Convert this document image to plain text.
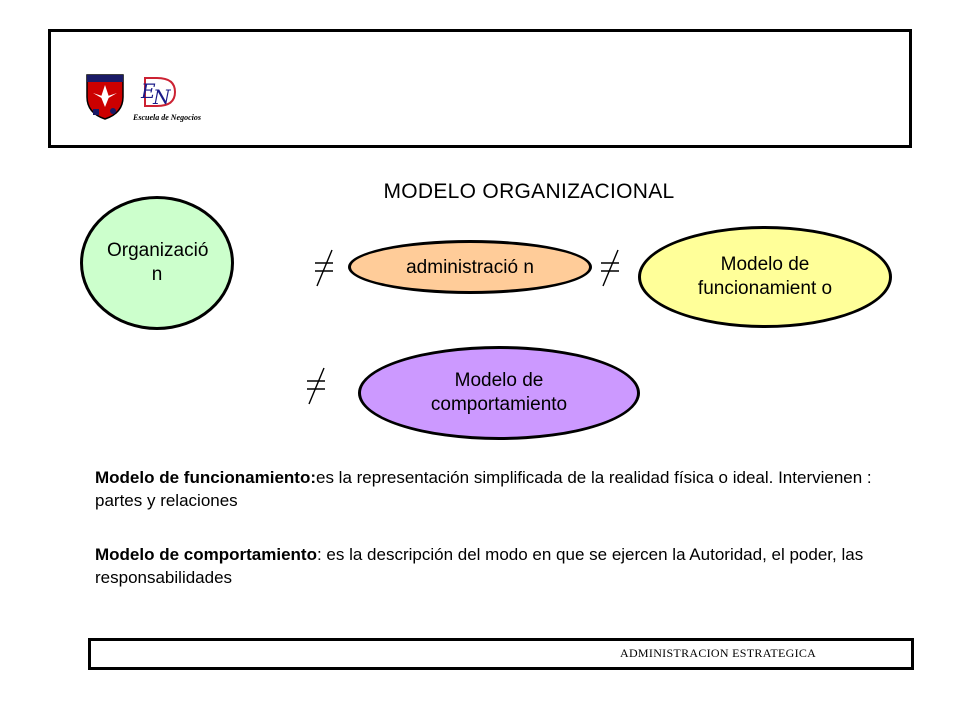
E
N
Escuela de Negocios
MODELO ORGANIZACIONAL
Organizació n	administració n	Modelo de funcionamient o
Modelo de comportamiento

Modelo de funcionamiento:es la representación simplificada de la realidad física o ideal. Intervienen : partes y relaciones

Modelo de comportamiento: es la descripción del modo en que se ejercen la Autoridad, el poder, las responsabilidades

ADMINISTRACION ESTRATEGICA
